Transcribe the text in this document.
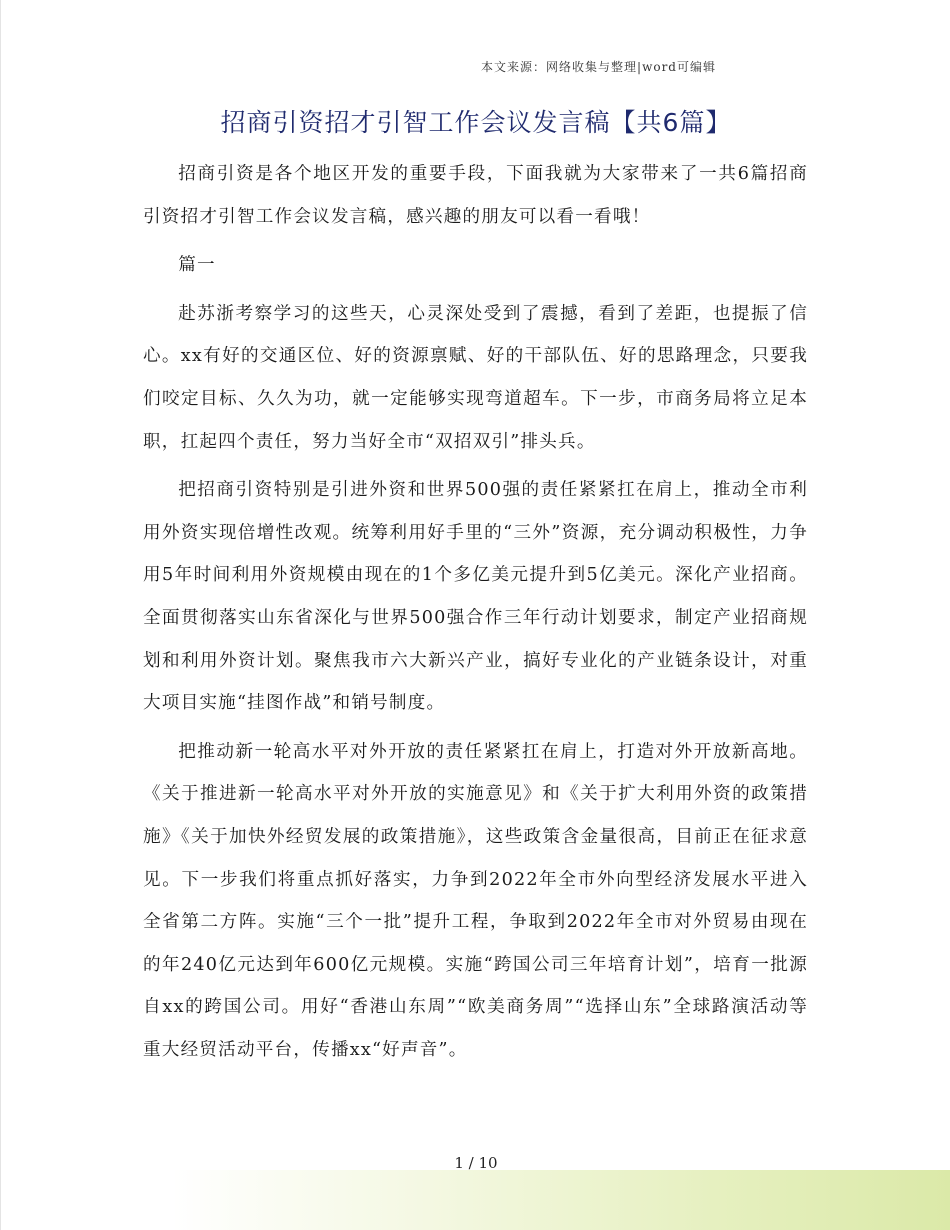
本文来源：网络收集与整理|word可编辑
招商引资招才引智工作会议发言稿【共6篇】

招商引资是各个地区开发的重要手段，下面我就为大家带来了一共6篇招商引资招才引智工作会议发言稿，感兴趣的朋友可以看一看哦！

篇一

赴苏浙考察学习的这些天，心灵深处受到了震撼，看到了差距，也提振了信心。xx有好的交通区位、好的资源禀赋、好的干部队伍、好的思路理念，只要我们咬定目标、久久为功，就一定能够实现弯道超车。下一步，市商务局将立足本职，扛起四个责任，努力当好全市“双招双引”排头兵。

把招商引资特别是引进外资和世界500强的责任紧紧扛在肩上，推动全市利用外资实现倍增性改观。统筹利用好手里的“三外”资源，充分调动积极性，力争用5年时间利用外资规模由现在的1个多亿美元提升到5亿美元。深化产业招商。全面贯彻落实山东省深化与世界500强合作三年行动计划要求，制定产业招商规划和利用外资计划。聚焦我市六大新兴产业，搞好专业化的产业链条设计，对重大项目实施“挂图作战”和销号制度。

把推动新一轮高水平对外开放的责任紧紧扛在肩上，打造对外开放新高地。《关于推进新一轮高水平对外开放的实施意见》和《关于扩大利用外资的政策措施》《关于加快外经贸发展的政策措施》，这些政策含金量很高，目前正在征求意见。下一步我们将重点抓好落实，力争到2022年全市外向型经济发展水平进入全省第二方阵。实施“三个一批”提升工程，争取到2022年全市对外贸易由现在的年240亿元达到年600亿元规模。实施“跨国公司三年培育计划”，培育一批源自xx的跨国公司。用好“香港山东周”“欧美商务周”“选择山东”全球路演活动等重大经贸活动平台，传播xx“好声音”。

1 / 10
